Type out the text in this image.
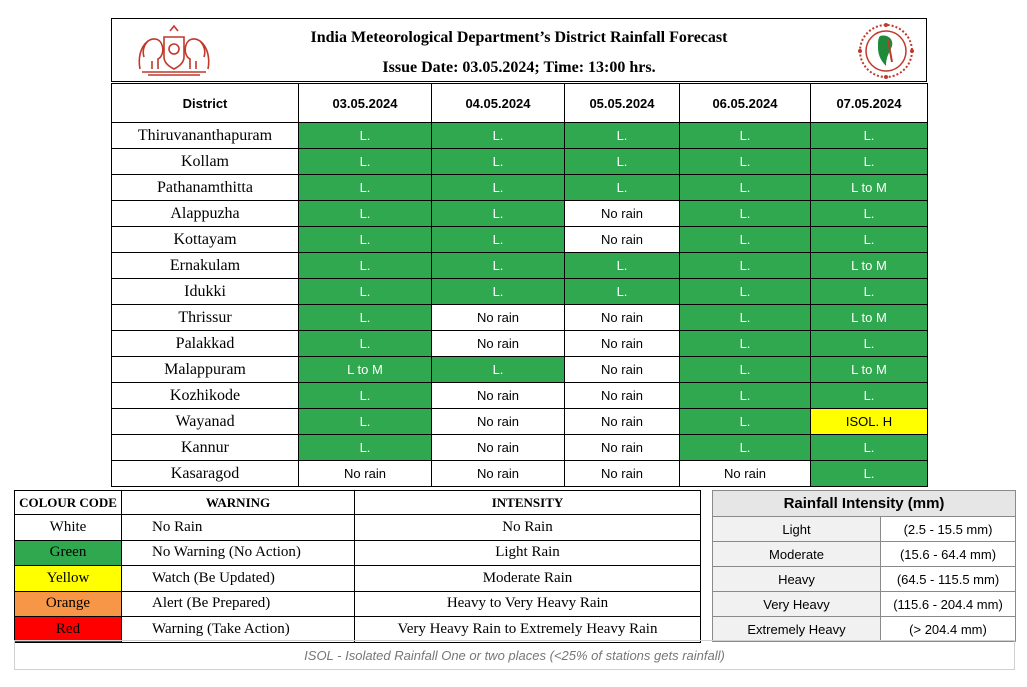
India Meteorological Department’s District Rainfall Forecast
Issue Date: 03.05.2024; Time: 13:00 hrs.
District	03.05.2024	04.05.2024	05.05.2024	06.05.2024	07.05.2024
Thiruvananthapuram	L.	L.	L.	L.	L.
Kollam	L.	L.	L.	L.	L.
Pathanamthitta	L.	L.	L.	L.	L to M
Alappuzha	L.	L.	No rain	L.	L.
Kottayam	L.	L.	No rain	L.	L.
Ernakulam	L.	L.	L.	L.	L to M
Idukki	L.	L.	L.	L.	L.
Thrissur	L.	No rain	No rain	L.	L to M
Palakkad	L.	No rain	No rain	L.	L.
Malappuram	L to M	L.	No rain	L.	L to M
Kozhikode	L.	No rain	No rain	L.	L.
Wayanad	L.	No rain	No rain	L.	ISOL. H
Kannur	L.	No rain	No rain	L.	L.
Kasaragod	No rain	No rain	No rain	No rain	L.
COLOUR CODE	WARNING	INTENSITY
White	No Rain	No Rain
Green	No Warning (No Action)	Light Rain
Yellow	Watch (Be Updated)	Moderate Rain
Orange	Alert (Be Prepared)	Heavy to Very Heavy Rain
Red	Warning (Take Action)	Very Heavy Rain to Extremely Heavy Rain
Rainfall Intensity (mm)	
Light	(2.5 - 15.5 mm)
Moderate	(15.6 - 64.4 mm)
Heavy	(64.5 - 115.5 mm)
Very Heavy	(115.6 - 204.4 mm)
Extremely Heavy	(> 204.4 mm)
ISOL - Isolated Rainfall One or two places (<25% of stations gets rainfall)
